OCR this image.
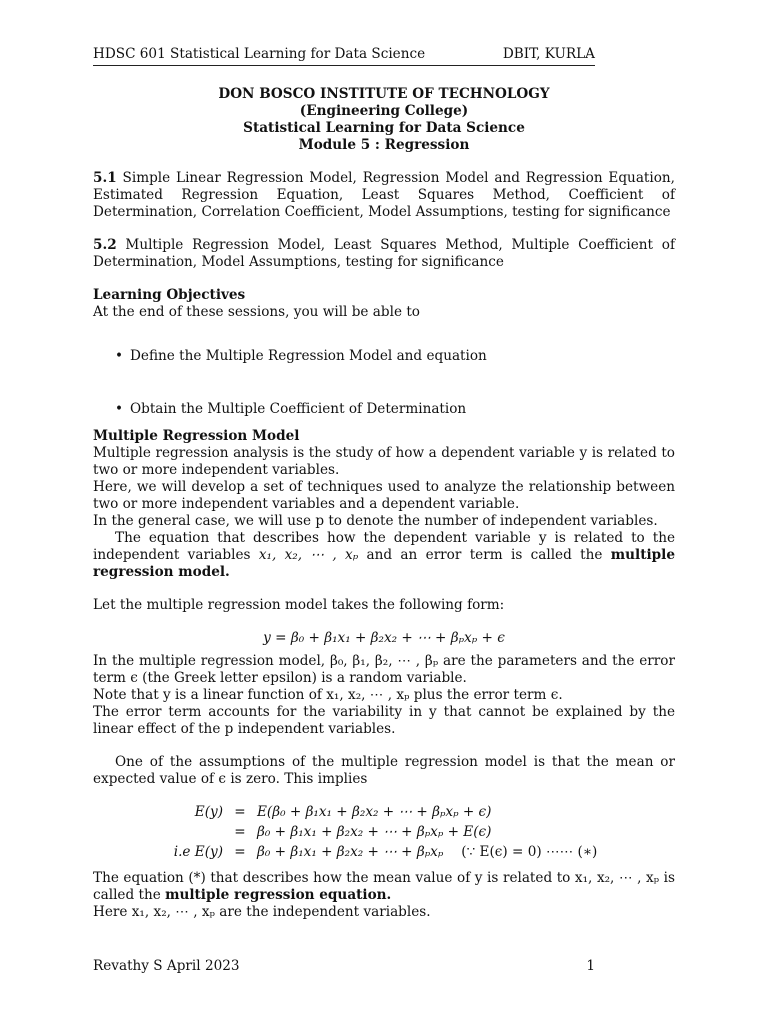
HDSC 601 Statistical Learning for Data Science	DBIT, KURLA
DON BOSCO INSTITUTE OF TECHNOLOGY
(Engineering College)
Statistical Learning for Data Science
Module 5 : Regression

5.1 Simple Linear Regression Model, Regression Model and Regression Equation, Estimated Regression Equation, Least Squares Method, Coefficient of Determination, Correlation Coefficient, Model Assumptions, testing for significance

5.2 Multiple Regression Model, Least Squares Method, Multiple Coefficient of Determination, Model Assumptions, testing for significance

Learning Objectives
At the end of these sessions, you will be able to
• Define the Multiple Regression Model and equation
• Obtain the Multiple Coefficient of Determination
Multiple Regression Model
Multiple regression analysis is the study of how a dependent variable y is related to two or more independent variables.
Here, we will develop a set of techniques used to analyze the relationship between two or more independent variables and a dependent variable.
In the general case, we will use p to denote the number of independent variables.
The equation that describes how the dependent variable y is related to the independent variables x₁, x₂, ⋯ , xₚ and an error term is called the multiple regression model.
Let the multiple regression model takes the following form:
y = β₀ + β₁x₁ + β₂x₂ + ⋯ + βₚxₚ + ϵ
In the multiple regression model, β₀, β₁, β₂, ⋯ , βₚ are the parameters and the error term ϵ (the Greek letter epsilon) is a random variable.
Note that y is a linear function of x₁, x₂, ⋯ , xₚ plus the error term ϵ.
The error term accounts for the variability in y that cannot be explained by the linear effect of the p independent variables.
One of the assumptions of the multiple regression model is that the mean or expected value of ϵ is zero. This implies
E(y) = E(β₀ + β₁x₁ + β₂x₂ + ⋯ + βₚxₚ + ϵ)
= β₀ + β₁x₁ + β₂x₂ + ⋯ + βₚxₚ + E(ϵ)
i.e E(y) = β₀ + β₁x₁ + β₂x₂ + ⋯ + βₚxₚ (∵ E(ϵ) = 0) ⋯⋯ (∗)
The equation (*) that describes how the mean value of y is related to x₁, x₂, ⋯ , xₚ is called the multiple regression equation.
Here x₁, x₂, ⋯ , xₚ are the independent variables.
Revathy S April 2023	1
